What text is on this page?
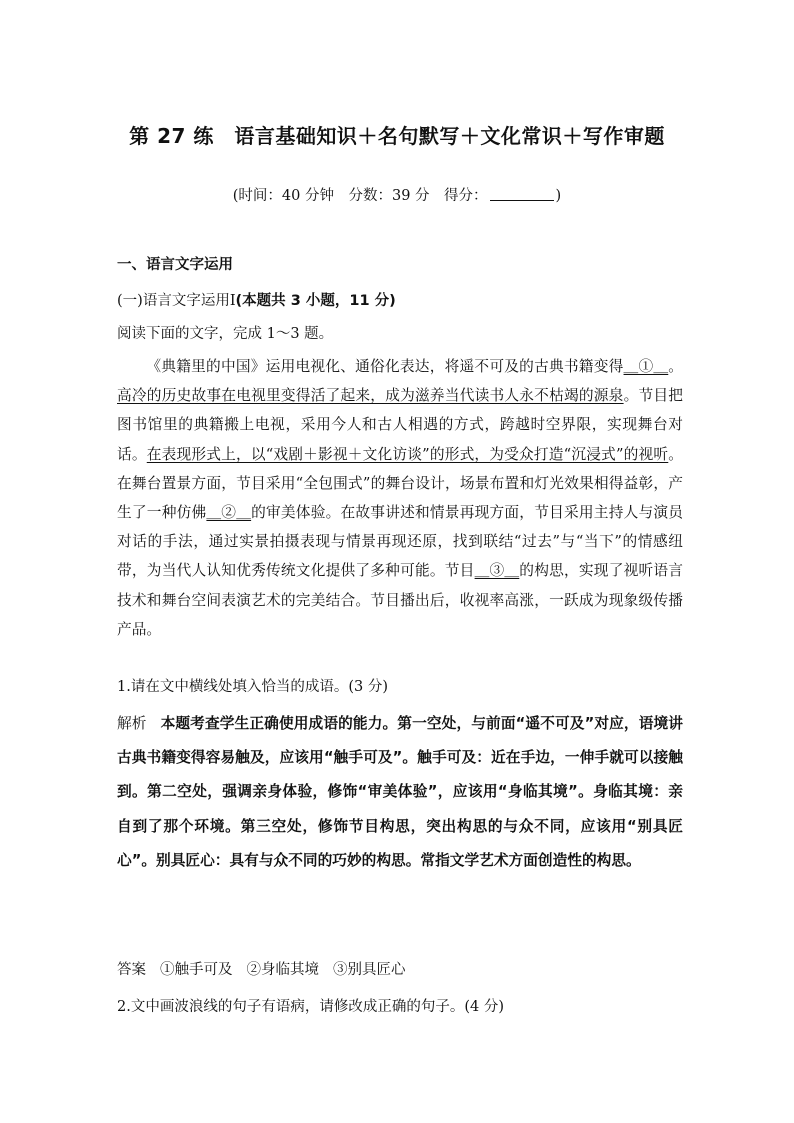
第 27 练　语言基础知识＋名句默写＋文化常识＋写作审题
(时间：40 分钟　分数：39 分　得分：	)
一、语言文字运用
(一)语言文字运用Ⅰ(本题共 3 小题，11 分)
阅读下面的文字，完成 1～3 题。
《典籍里的中国》运用电视化、通俗化表达，将遥不可及的古典书籍变得＿①＿。高冷的历史故事在电视里变得活了起来，成为滋养当代读书人永不枯竭的源泉。节目把图书馆里的典籍搬上电视，采用今人和古人相遇的方式，跨越时空界限，实现舞台对话。在表现形式上，以“戏剧＋影视＋文化访谈”的形式，为受众打造“沉浸式”的视听。在舞台置景方面，节目采用“全包围式”的舞台设计，场景布置和灯光效果相得益彰，产生了一种仿佛＿②＿的审美体验。在故事讲述和情景再现方面，节目采用主持人与演员对话的手法，通过实景拍摄表现与情景再现还原，找到联结“过去”与“当下”的情感纽带，为当代人认知优秀传统文化提供了多种可能。节目＿③＿的构思，实现了视听语言技术和舞台空间表演艺术的完美结合。节目播出后，收视率高涨，一跃成为现象级传播产品。
1.请在文中横线处填入恰当的成语。(3 分)
解析 本题考查学生正确使用成语的能力。第一空处，与前面“遥不可及”对应，语境讲古典书籍变得容易触及，应该用“触手可及”。触手可及：近在手边，一伸手就可以接触到。第二空处，强调亲身体验，修饰“审美体验”，应该用“身临其境”。身临其境：亲自到了那个环境。第三空处，修饰节目构思，突出构思的与众不同，应该用“别具匠心”。别具匠心：具有与众不同的巧妙的构思。常指文学艺术方面创造性的构思。
答案 ①触手可及 ②身临其境 ③别具匠心
2.文中画波浪线的句子有语病，请修改成正确的句子。(4 分)
